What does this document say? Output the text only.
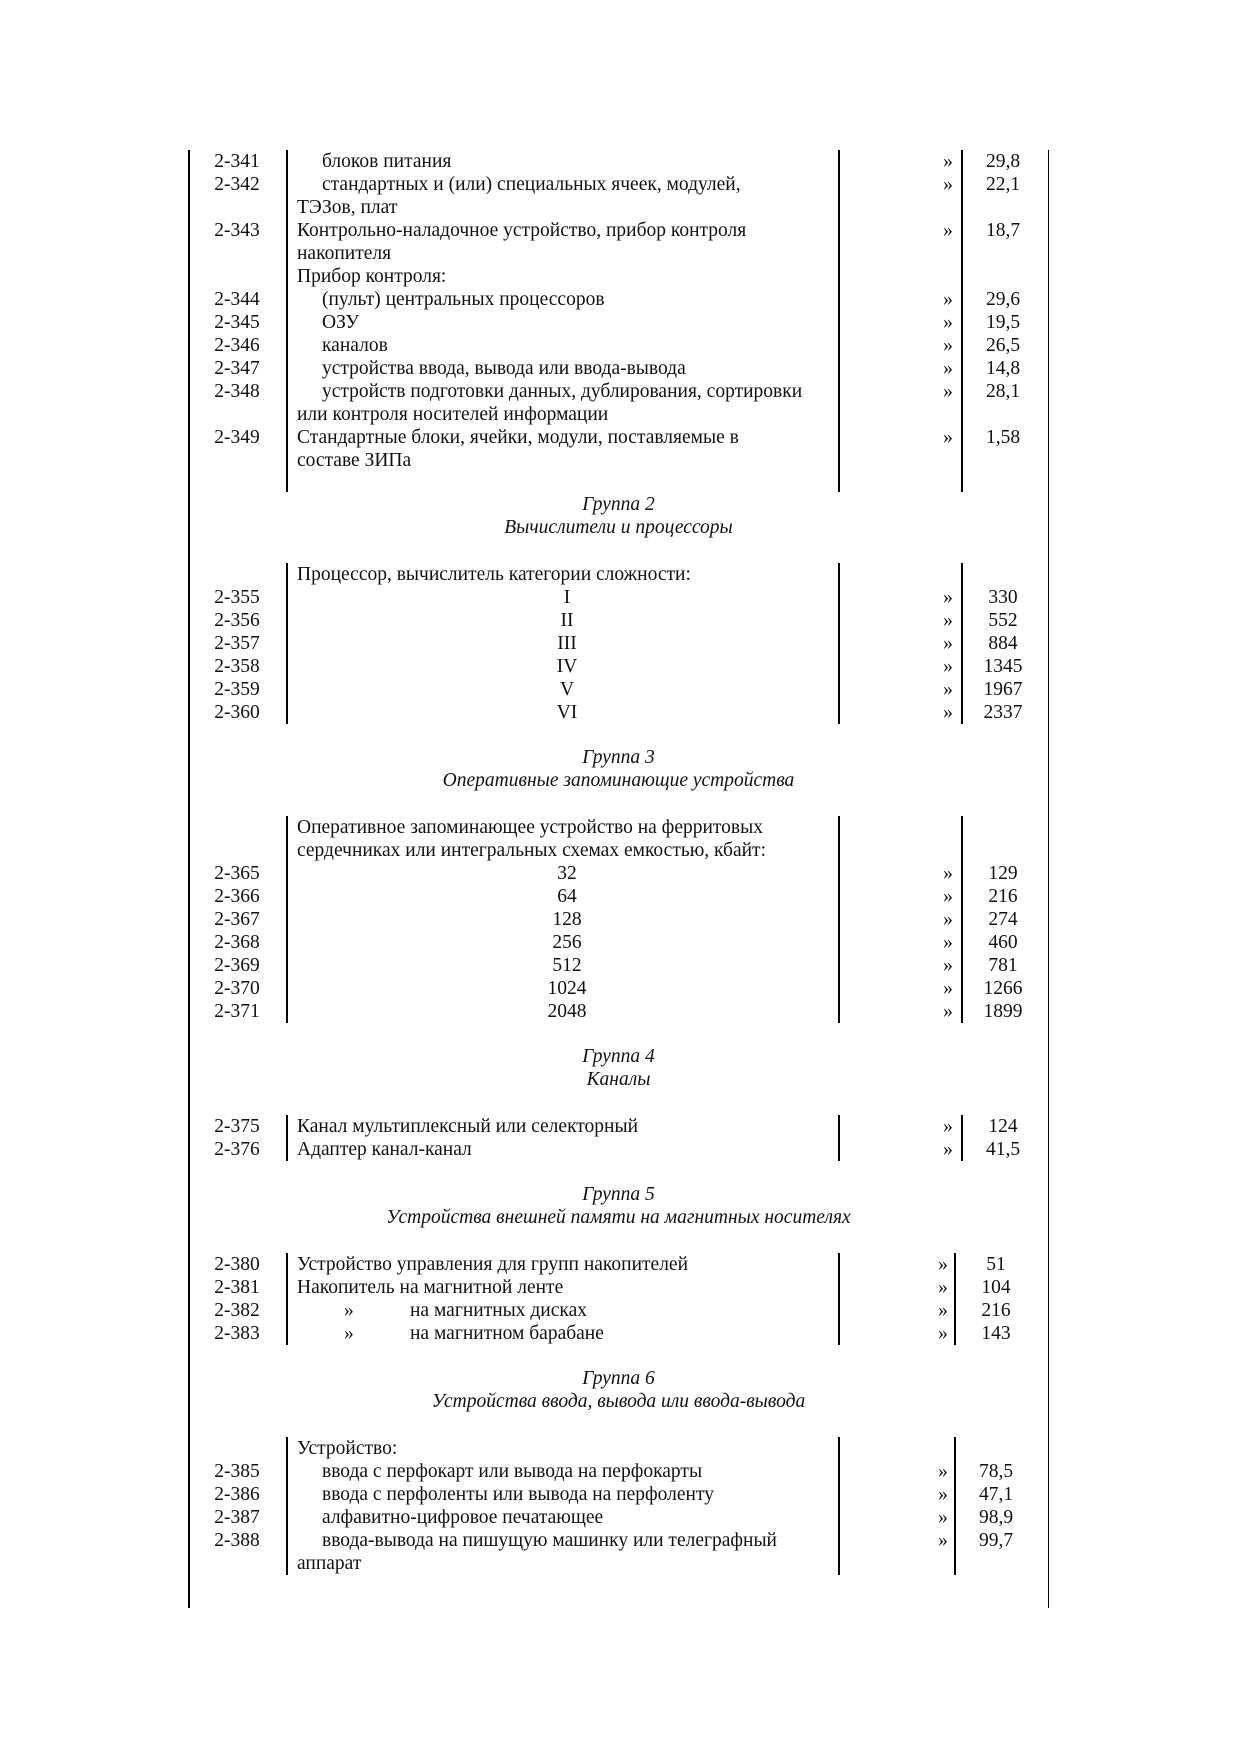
2-341	блоков питания	»	29,8
2-342	стандартных и (или) специальных ячеек, модулей,	»	22,1
ТЭЗов, плат
2-343	Контрольно-наладочное устройство, прибор контроля	»	18,7
накопителя
Прибор контроля:
2-344	(пульт) центральных процессоров	»	29,6
2-345	ОЗУ	»	19,5
2-346	каналов	»	26,5
2-347	устройства ввода, вывода или ввода-вывода	»	14,8
2-348	устройств подготовки данных, дублирования, сортировки	»	28,1
или контроля носителей информации
2-349	Стандартные блоки, ячейки, модули, поставляемые в	»	1,58
составе ЗИПа
Группа 2
Вычислители и процессоры
Процессор, вычислитель категории сложности:
2-355	I	»	330
2-356	II	»	552
2-357	III	»	884
2-358	IV	»	1345
2-359	V	»	1967
2-360	VI	»	2337
Группа 3
Оперативные запоминающие устройства
Оперативное запоминающее устройство на ферритовых
сердечниках или интегральных схемах емкостью, кбайт:
2-365	32	»	129
2-366	64	»	216
2-367	128	»	274
2-368	256	»	460
2-369	512	»	781
2-370	1024	»	1266
2-371	2048	»	1899
Группа 4
Каналы
2-375	Канал мультиплексный или селекторный	»	124
2-376	Адаптер канал-канал	»	41,5
Группа 5
Устройства внешней памяти на магнитных носителях
2-380	Устройство управления для групп накопителей	»	51
2-381	Накопитель на магнитной ленте	»	104
2-382	»	на магнитных дисках	»	216
2-383	»	на магнитном барабане	»	143
Группа 6
Устройства ввода, вывода или ввода-вывода
Устройство:
2-385	ввода с перфокарт или вывода на перфокарты	»	78,5
2-386	ввода с перфоленты или вывода на перфоленту	»	47,1
2-387	алфавитно-цифровое печатающее	»	98,9
2-388	ввода-вывода на пишущую машинку или телеграфный	»	99,7
аппарат
